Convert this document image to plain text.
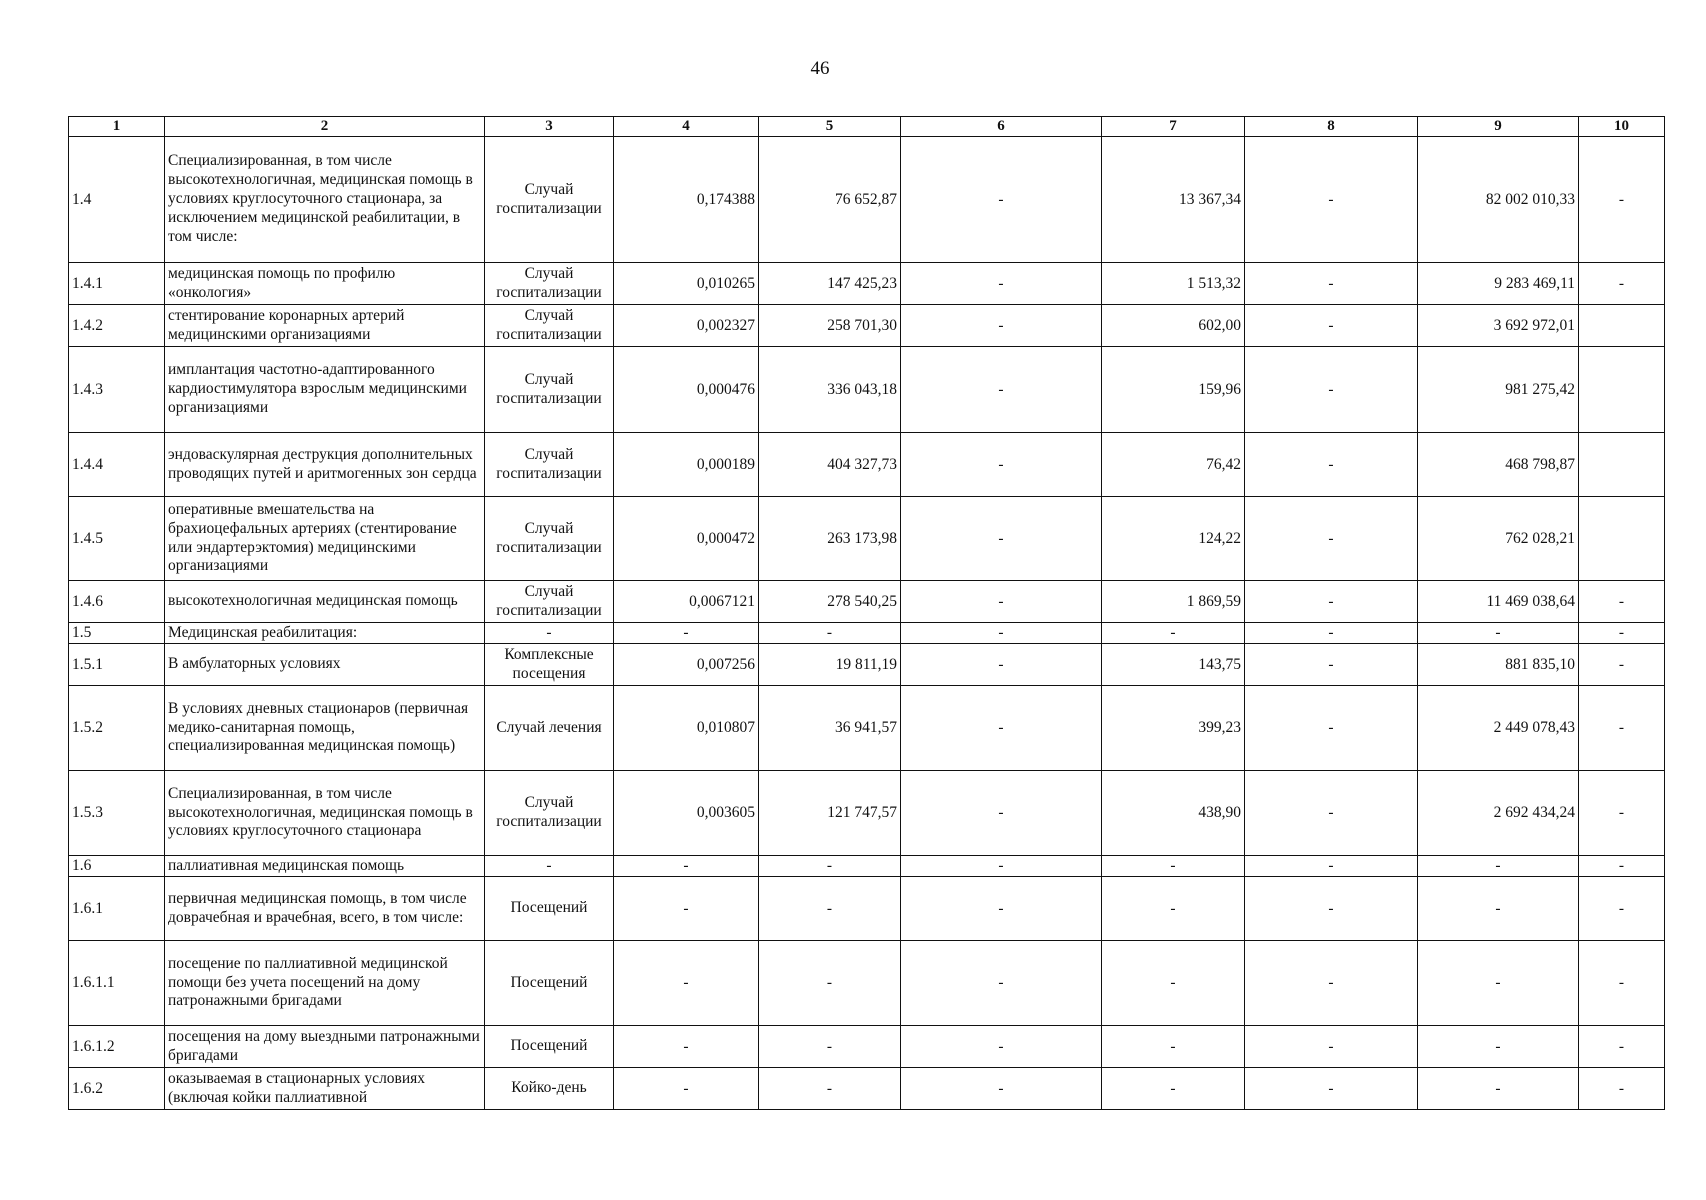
46
1	2	3	4	5	6	7	8	9	10
1.4	Специализированная, в том числе высокотехнологичная, медицинская помощь в условиях круглосуточного стационара, за исключением медицинской реабилитации, в том числе:	Случай госпитализации	0,174388	76 652,87	-	13 367,34	-	82 002 010,33	-
1.4.1	медицинская помощь по профилю «онкология»	Случай госпитализации	0,010265	147 425,23	-	1 513,32	-	9 283 469,11	-
1.4.2	стентирование коронарных артерий медицинскими организациями	Случай госпитализации	0,002327	258 701,30	-	602,00	-	3 692 972,01	
1.4.3	имплантация частотно-адаптированного кардиостимулятора взрослым медицинскими организациями	Случай госпитализации	0,000476	336 043,18	-	159,96	-	981 275,42	
1.4.4	эндоваскулярная деструкция дополнительных проводящих путей и аритмогенных зон сердца	Случай госпитализации	0,000189	404 327,73	-	76,42	-	468 798,87	
1.4.5	оперативные вмешательства на брахиоцефальных артериях (стентирование или эндартерэктомия) медицинскими организациями	Случай госпитализации	0,000472	263 173,98	-	124,22	-	762 028,21	
1.4.6	высокотехнологичная медицинская помощь	Случай госпитализации	0,0067121	278 540,25	-	1 869,59	-	11 469 038,64	-
1.5	Медицинская реабилитация:	-	-	-	-	-	-	-	-
1.5.1	В амбулаторных условиях	Комплексные посещения	0,007256	19 811,19	-	143,75	-	881 835,10	-
1.5.2	В условиях дневных стационаров (первичная медико-санитарная помощь, специализированная медицинская помощь)	Случай лечения	0,010807	36 941,57	-	399,23	-	2 449 078,43	-
1.5.3	Специализированная, в том числе высокотехнологичная, медицинская помощь в условиях круглосуточного стационара	Случай госпитализации	0,003605	121 747,57	-	438,90	-	2 692 434,24	-
1.6	паллиативная медицинская помощь	-	-	-	-	-	-	-	-
1.6.1	первичная медицинская помощь, в том числе доврачебная и врачебная, всего, в том числе:	Посещений	-	-	-	-	-	-	-
1.6.1.1	посещение по паллиативной медицинской помощи без учета посещений на дому патронажными бригадами	Посещений	-	-	-	-	-	-	-
1.6.1.2	посещения на дому выездными патронажными бригадами	Посещений	-	-	-	-	-	-	-
1.6.2	оказываемая в стационарных условиях (включая койки паллиативной	Койко-день	-	-	-	-	-	-	-
